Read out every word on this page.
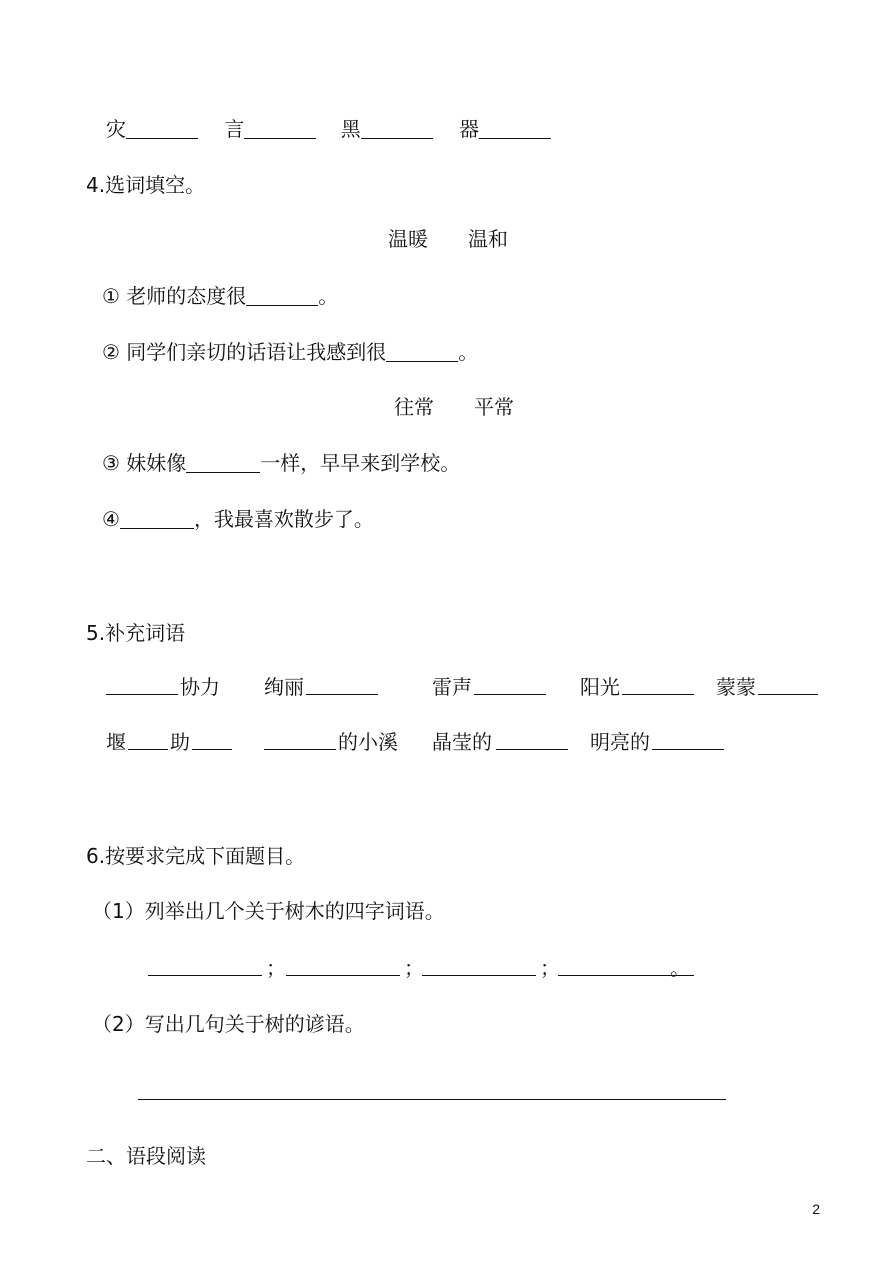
灾	言	黑	器
4.选词填空。
温暖　　温和
① 老师的态度很	。
② 同学们亲切的话语让我感到很	。
往常　　平常
③ 妹妹像	一样，早早来到学校。
④	，我最喜欢散步了。
5.补充词语
协力 绚丽	雷声	阳光	蒙蒙
堰 助	的小溪 晶莹的	明亮的
6.按要求完成下面题目。
（1）列举出几个关于树木的四字词语。
；	；	；	。
（2）写出几句关于树的谚语。
二、语段阅读
2
